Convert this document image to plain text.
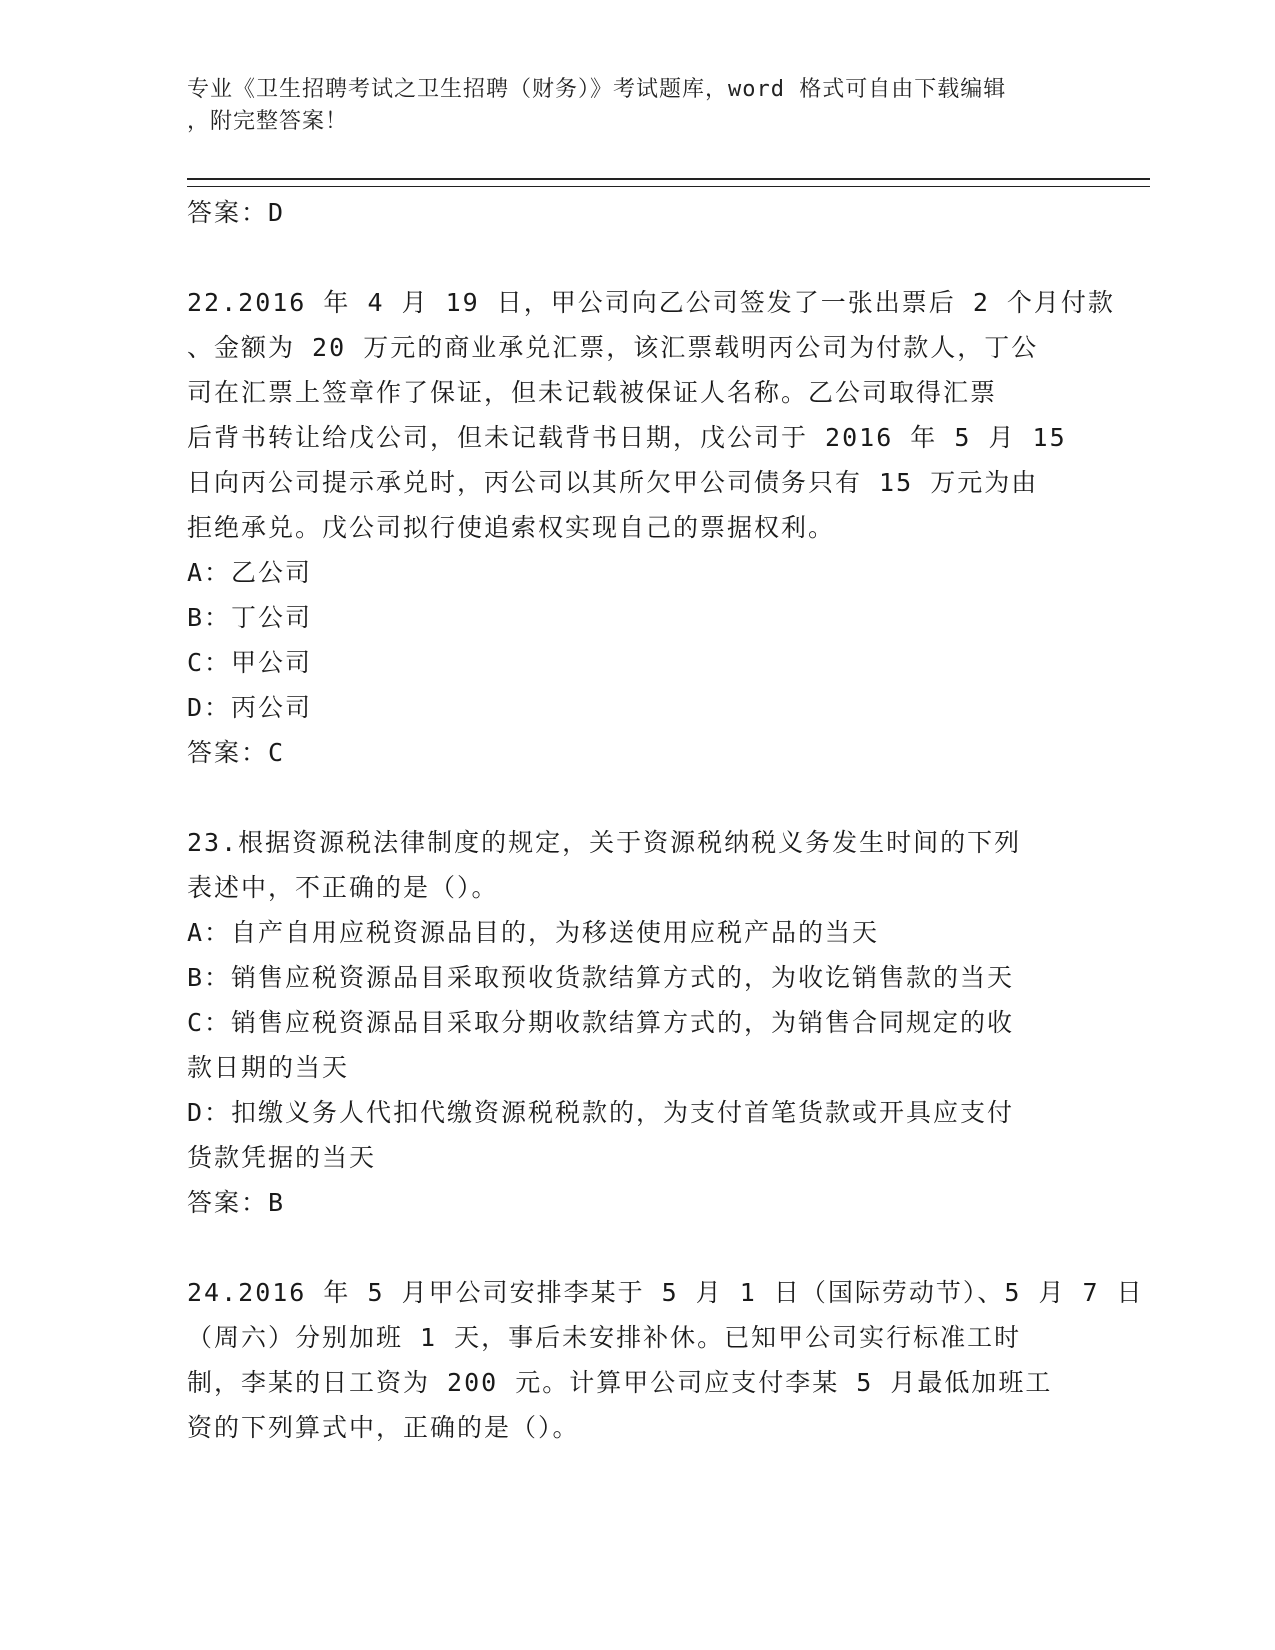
专业《卫生招聘考试之卫生招聘（财务）》考试题库，word 格式可自由下载编辑
，附完整答案！
答案：D
22.2016 年 4 月 19 日，甲公司向乙公司签发了一张出票后 2 个月付款
、金额为 20 万元的商业承兑汇票，该汇票载明丙公司为付款人，丁公
司在汇票上签章作了保证，但未记载被保证人名称。乙公司取得汇票
后背书转让给戊公司，但未记载背书日期，戊公司于 2016 年 5 月 15
日向丙公司提示承兑时，丙公司以其所欠甲公司债务只有 15 万元为由
拒绝承兑。戊公司拟行使追索权实现自己的票据权利。
A：乙公司
B：丁公司
C：甲公司
D：丙公司
答案：C
23.根据资源税法律制度的规定，关于资源税纳税义务发生时间的下列
表述中，不正确的是（）。
A：自产自用应税资源品目的，为移送使用应税产品的当天
B：销售应税资源品目采取预收货款结算方式的，为收讫销售款的当天
C：销售应税资源品目采取分期收款结算方式的，为销售合同规定的收
款日期的当天
D：扣缴义务人代扣代缴资源税税款的，为支付首笔货款或开具应支付
货款凭据的当天
答案：B
24.2016 年 5 月甲公司安排李某于 5 月 1 日（国际劳动节）、5 月 7 日
（周六）分别加班 1 天，事后未安排补休。已知甲公司实行标准工时
制，李某的日工资为 200 元。计算甲公司应支付李某 5 月最低加班工
资的下列算式中，正确的是（）。
